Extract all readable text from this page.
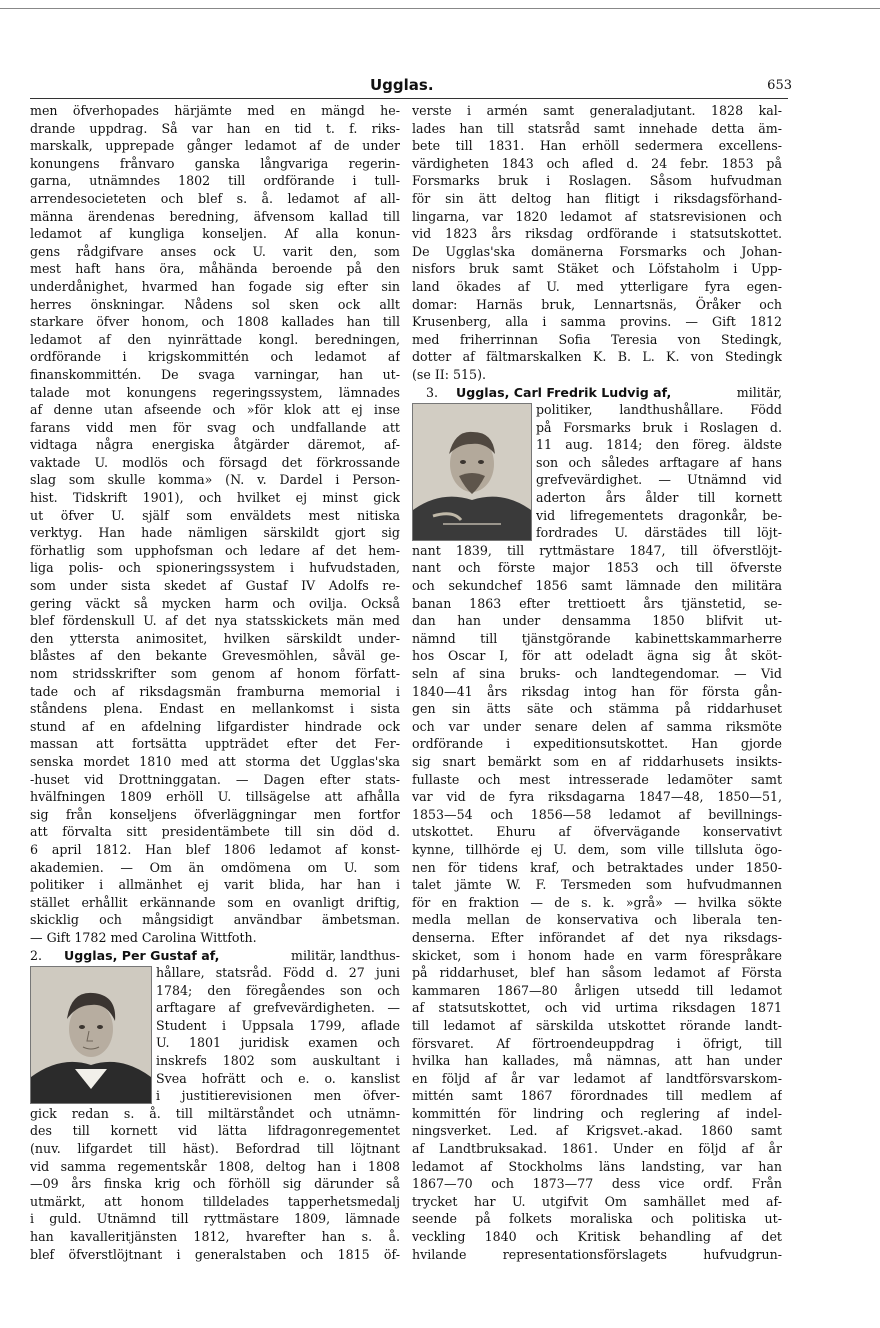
Ugglas.	653
men öfverhopades härjämte med en mängd he-
drande uppdrag. Så var han en tid t. f. riks-
marskalk, upprepade gånger ledamot af de under
konungens frånvaro ganska långvariga regerin-
garna, utnämndes 1802 till ordförande i tull-
arrendesocieteten och blef s. å. ledamot af all-
männa ärendenas beredning, äfvensom kallad till
ledamot af kungliga konseljen. Af alla konun-
gens rådgifvare anses ock U. varit den, som
mest haft hans öra, måhända beroende på den
underdånighet, hvarmed han fogade sig efter sin
herres önskningar. Nådens sol sken ock allt
starkare öfver honom, och 1808 kallades han till
ledamot af den nyinrättade kongl. beredningen,
ordförande i krigskommittén och ledamot af
finanskommittén. De svaga varningar, han ut-
talade mot konungens regeringssystem, lämnades
af denne utan afseende och »för klok att ej inse
farans vidd men för svag och undfallande att
vidtaga några energiska åtgärder däremot, af-
vaktade U. modlös och försagd det förkrossande
slag som skulle komma» (N. v. Dardel i Person-
hist. Tidskrift 1901), och hvilket ej minst gick
ut öfver U. själf som enväldets mest nitiska
verktyg. Han hade nämligen särskildt gjort sig
förhatlig som upphofsman och ledare af det hem-
liga polis- och spioneringssystem i hufvudstaden,
som under sista skedet af Gustaf IV Adolfs re-
gering väckt så mycken harm och ovilja. Också
blef fördenskull U. af det nya statsskickets män med
den yttersta animositet, hvilken särskildt under-
blåstes af den bekante Grevesmöhlen, såväl ge-
nom stridsskrifter som genom af honom författ-
tade och af riksdagsmän framburna memorial i
ståndens plena. Endast en mellankomst i sista
stund af en afdelning lifgardister hindrade ock
massan att fortsätta uppträdet efter det Fer-
senska mordet 1810 med att storma det Ugglas'ska
-huset vid Drottninggatan. — Dagen efter stats-
hvälfningen 1809 erhöll U. tillsägelse att afhålla
sig från konseljens öfverläggningar men fortfor
att förvalta sitt presidentämbete till sin död d.
6 april 1812. Han blef 1806 ledamot af konst-
akademien. — Om än omdömena om U. som
politiker i allmänhet ej varit blida, har han i
stället erhållit erkännande som en ovanligt driftig,
skicklig och mångsidigt användbar ämbetsman.
— Gift 1782 med Carolina Wittfoth.
2. Ugglas, Per Gustaf af,	militär, landthus-
hållare, statsråd. Född d. 27 juni
1784; den föregåendes son och
arftagare af grefvevärdigheten. —
Student i Uppsala 1799, aflade
U. 1801 juridisk examen och
inskrefs 1802 som auskultant i
Svea hofrätt och e. o. kanslist
i justitierevisionen men öfver-
gick redan s. å. till miltärståndet och utnämn-
des till kornett vid lätta lifdragonregementet
(nuv. lifgardet till häst). Befordrad till löjtnant
vid samma regementskår 1808, deltog han i 1808
—09 års finska krig och förhöll sig därunder så
utmärkt, att honom tilldelades tapperhetsmedalj
i guld. Utnämnd till ryttmästare 1809, lämnade
han kavalleritjänsten 1812, hvarefter han s. å.
blef öfverstlöjtnant i generalstaben och 1815 öf-
verste i armén samt generaladjutant. 1828 kal-
lades han till statsråd samt innehade detta äm-
bete till 1831. Han erhöll sedermera excellens-
värdigheten 1843 och afled d. 24 febr. 1853 på
Forsmarks bruk i Roslagen. Såsom hufvudman
för sin ätt deltog han flitigt i riksdagsförhand-
lingarna, var 1820 ledamot af statsrevisionen och
vid 1823 års riksdag ordförande i statsutskottet.
De Ugglas'ska domänerna Forsmarks och Johan-
nisfors bruk samt Stäket och Löfstaholm i Upp-
land ökades af U. med ytterligare fyra egen-
domar: Harnäs bruk, Lennartsnäs, Öråker och
Krusenberg, alla i samma provins. — Gift 1812
med friherrinnan Sofia Teresia von Stedingk,
dotter af fältmarskalken K. B. L. K. von Stedingk
(se II: 515).
3. Ugglas, Carl Fredrik Ludvig af,	militär,
politiker, landthushållare. Född
på Forsmarks bruk i Roslagen d.
11 aug. 1814; den föreg. äldste
son och således arftagare af hans
grefvevärdighet. — Utnämnd vid
aderton års ålder till kornett
vid lifregementets dragonkår, be-
fordrades U. därstädes till löjt-
nant 1839, till ryttmästare 1847, till öfverstlöjt-
nant och förste major 1853 och till öfverste
och sekundchef 1856 samt lämnade den militära
banan 1863 efter trettioett års tjänstetid, se-
dan han under densamma 1850 blifvit ut-
nämnd till tjänstgörande kabinettskammarherre
hos Oscar I, för att odeladt ägna sig åt sköt-
seln af sina bruks- och landtegendomar. — Vid
1840—41 års riksdag intog han för första gån-
gen sin ätts säte och stämma på riddarhuset
och var under senare delen af samma riksmöte
ordförande i expeditionsutskottet. Han gjorde
sig snart bemärkt som en af riddarhusets insikts-
fullaste och mest intresserade ledamöter samt
var vid de fyra riksdagarna 1847—48, 1850—51,
1853—54 och 1856—58 ledamot af bevillnings-
utskottet. Ehuru af öfvervägande konservativt
kynne, tillhörde ej U. dem, som ville tillsluta ögo-
nen för tidens kraf, och betraktades under 1850-
talet jämte W. F. Tersmeden som hufvudmannen
för en fraktion — de s. k. »grå» — hvilka sökte
medla mellan de konservativa och liberala ten-
denserna. Efter införandet af det nya riksdags-
skicket, som i honom hade en varm förespråkare
på riddarhuset, blef han såsom ledamot af Första
kammaren 1867—80 årligen utsedd till ledamot
af statsutskottet, och vid urtima riksdagen 1871
till ledamot af särskilda utskottet rörande landt-
försvaret. Af förtroendeuppdrag i öfrigt, till
hvilka han kallades, må nämnas, att han under
en följd af år var ledamot af landtförsvarskom-
mittén samt 1867 förordnades till medlem af
kommittén för lindring och reglering af indel-
ningsverket. Led. af Krigsvet.-akad. 1860 samt
af Landtbruksakad. 1861. Under en följd af år
ledamot af Stockholms läns landsting, var han
1867—70 och 1873—77 dess vice ordf. Från
trycket har U. utgifvit Om samhället med af-
seende på folkets moraliska och politiska ut-
veckling 1840 och Kritisk behandling af det
hvilande representationsförslagets hufvudgrun-
